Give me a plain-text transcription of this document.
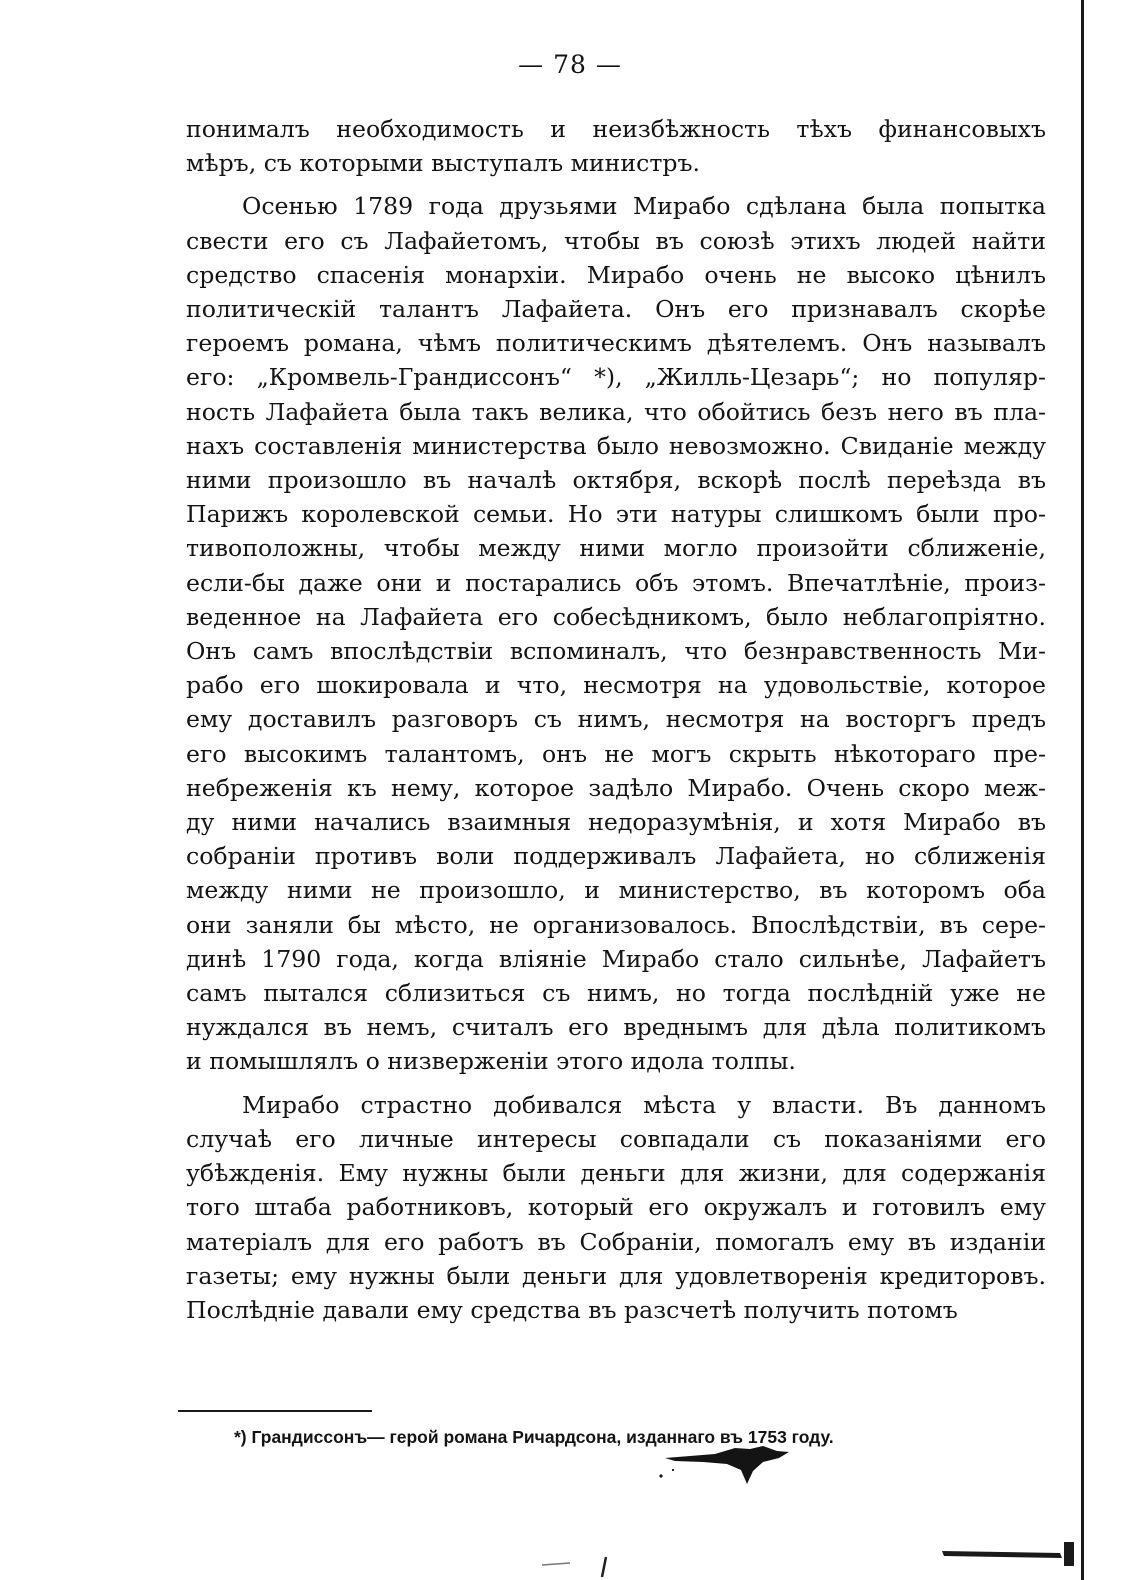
— 78 —
понималъ необходимость и неизбѣжность тѣхъ финансовыхъ
мѣръ, съ которыми выступалъ министръ.
Осенью 1789 года друзьями Мирабо сдѣлана была попытка
свести его съ Лафайетомъ, чтобы въ союзѣ этихъ людей найти
средство спасенія монархіи. Мирабо очень не высоко цѣнилъ
политическій талантъ Лафайета. Онъ его признавалъ скорѣе
героемъ романа, чѣмъ политическимъ дѣятелемъ. Онъ называлъ
его: „Кромвель-Грандиссонъ“ *), „Жилль-Цезарь“; но популяр-
ность Лафайета была такъ велика, что обойтись безъ него въ пла-
нахъ составленія министерства было невозможно. Свиданіе между
ними произошло въ началѣ октября, вскорѣ послѣ переѣзда въ
Парижъ королевской семьи. Но эти натуры слишкомъ были про-
тивоположны, чтобы между ними могло произойти сближеніе,
если-бы даже они и постарались объ этомъ. Впечатлѣніе, произ-
веденное на Лафайета его собесѣдникомъ, было неблагопріятно.
Онъ самъ впослѣдствіи вспоминалъ, что безнравственность Ми-
рабо его шокировала и что, несмотря на удовольствіе, которое
ему доставилъ разговоръ съ нимъ, несмотря на восторгъ предъ
его высокимъ талантомъ, онъ не могъ скрыть нѣкотораго пре-
небреженія къ нему, которое задѣло Мирабо. Очень скоро меж-
ду ними начались взаимныя недоразумѣнія, и хотя Мирабо въ
собраніи противъ воли поддерживалъ Лафайета, но сближенія
между ними не произошло, и министерство, въ которомъ оба
они заняли бы мѣсто, не организовалось. Впослѣдствіи, въ сере-
динѣ 1790 года, когда вліяніе Мирабо стало сильнѣе, Лафайетъ
самъ пытался сблизиться съ нимъ, но тогда послѣдній уже не
нуждался въ немъ, считалъ его вреднымъ для дѣла политикомъ
и помышлялъ о низверженіи этого идола толпы.
Мирабо страстно добивался мѣста у власти. Въ данномъ
случаѣ его личные интересы совпадали съ показаніями его
убѣжденія. Ему нужны были деньги для жизни, для содержанія
того штаба работниковъ, который его окружалъ и готовилъ ему
матеріалъ для его работъ въ Собраніи, помогалъ ему въ изданіи
газеты; ему нужны были деньги для удовлетворенія кредиторовъ.
Послѣдніе давали ему средства въ разсчетѣ получить потомъ
*) Грандиссонъ— герой романа Ричардсона, изданнаго въ 1753 году.
